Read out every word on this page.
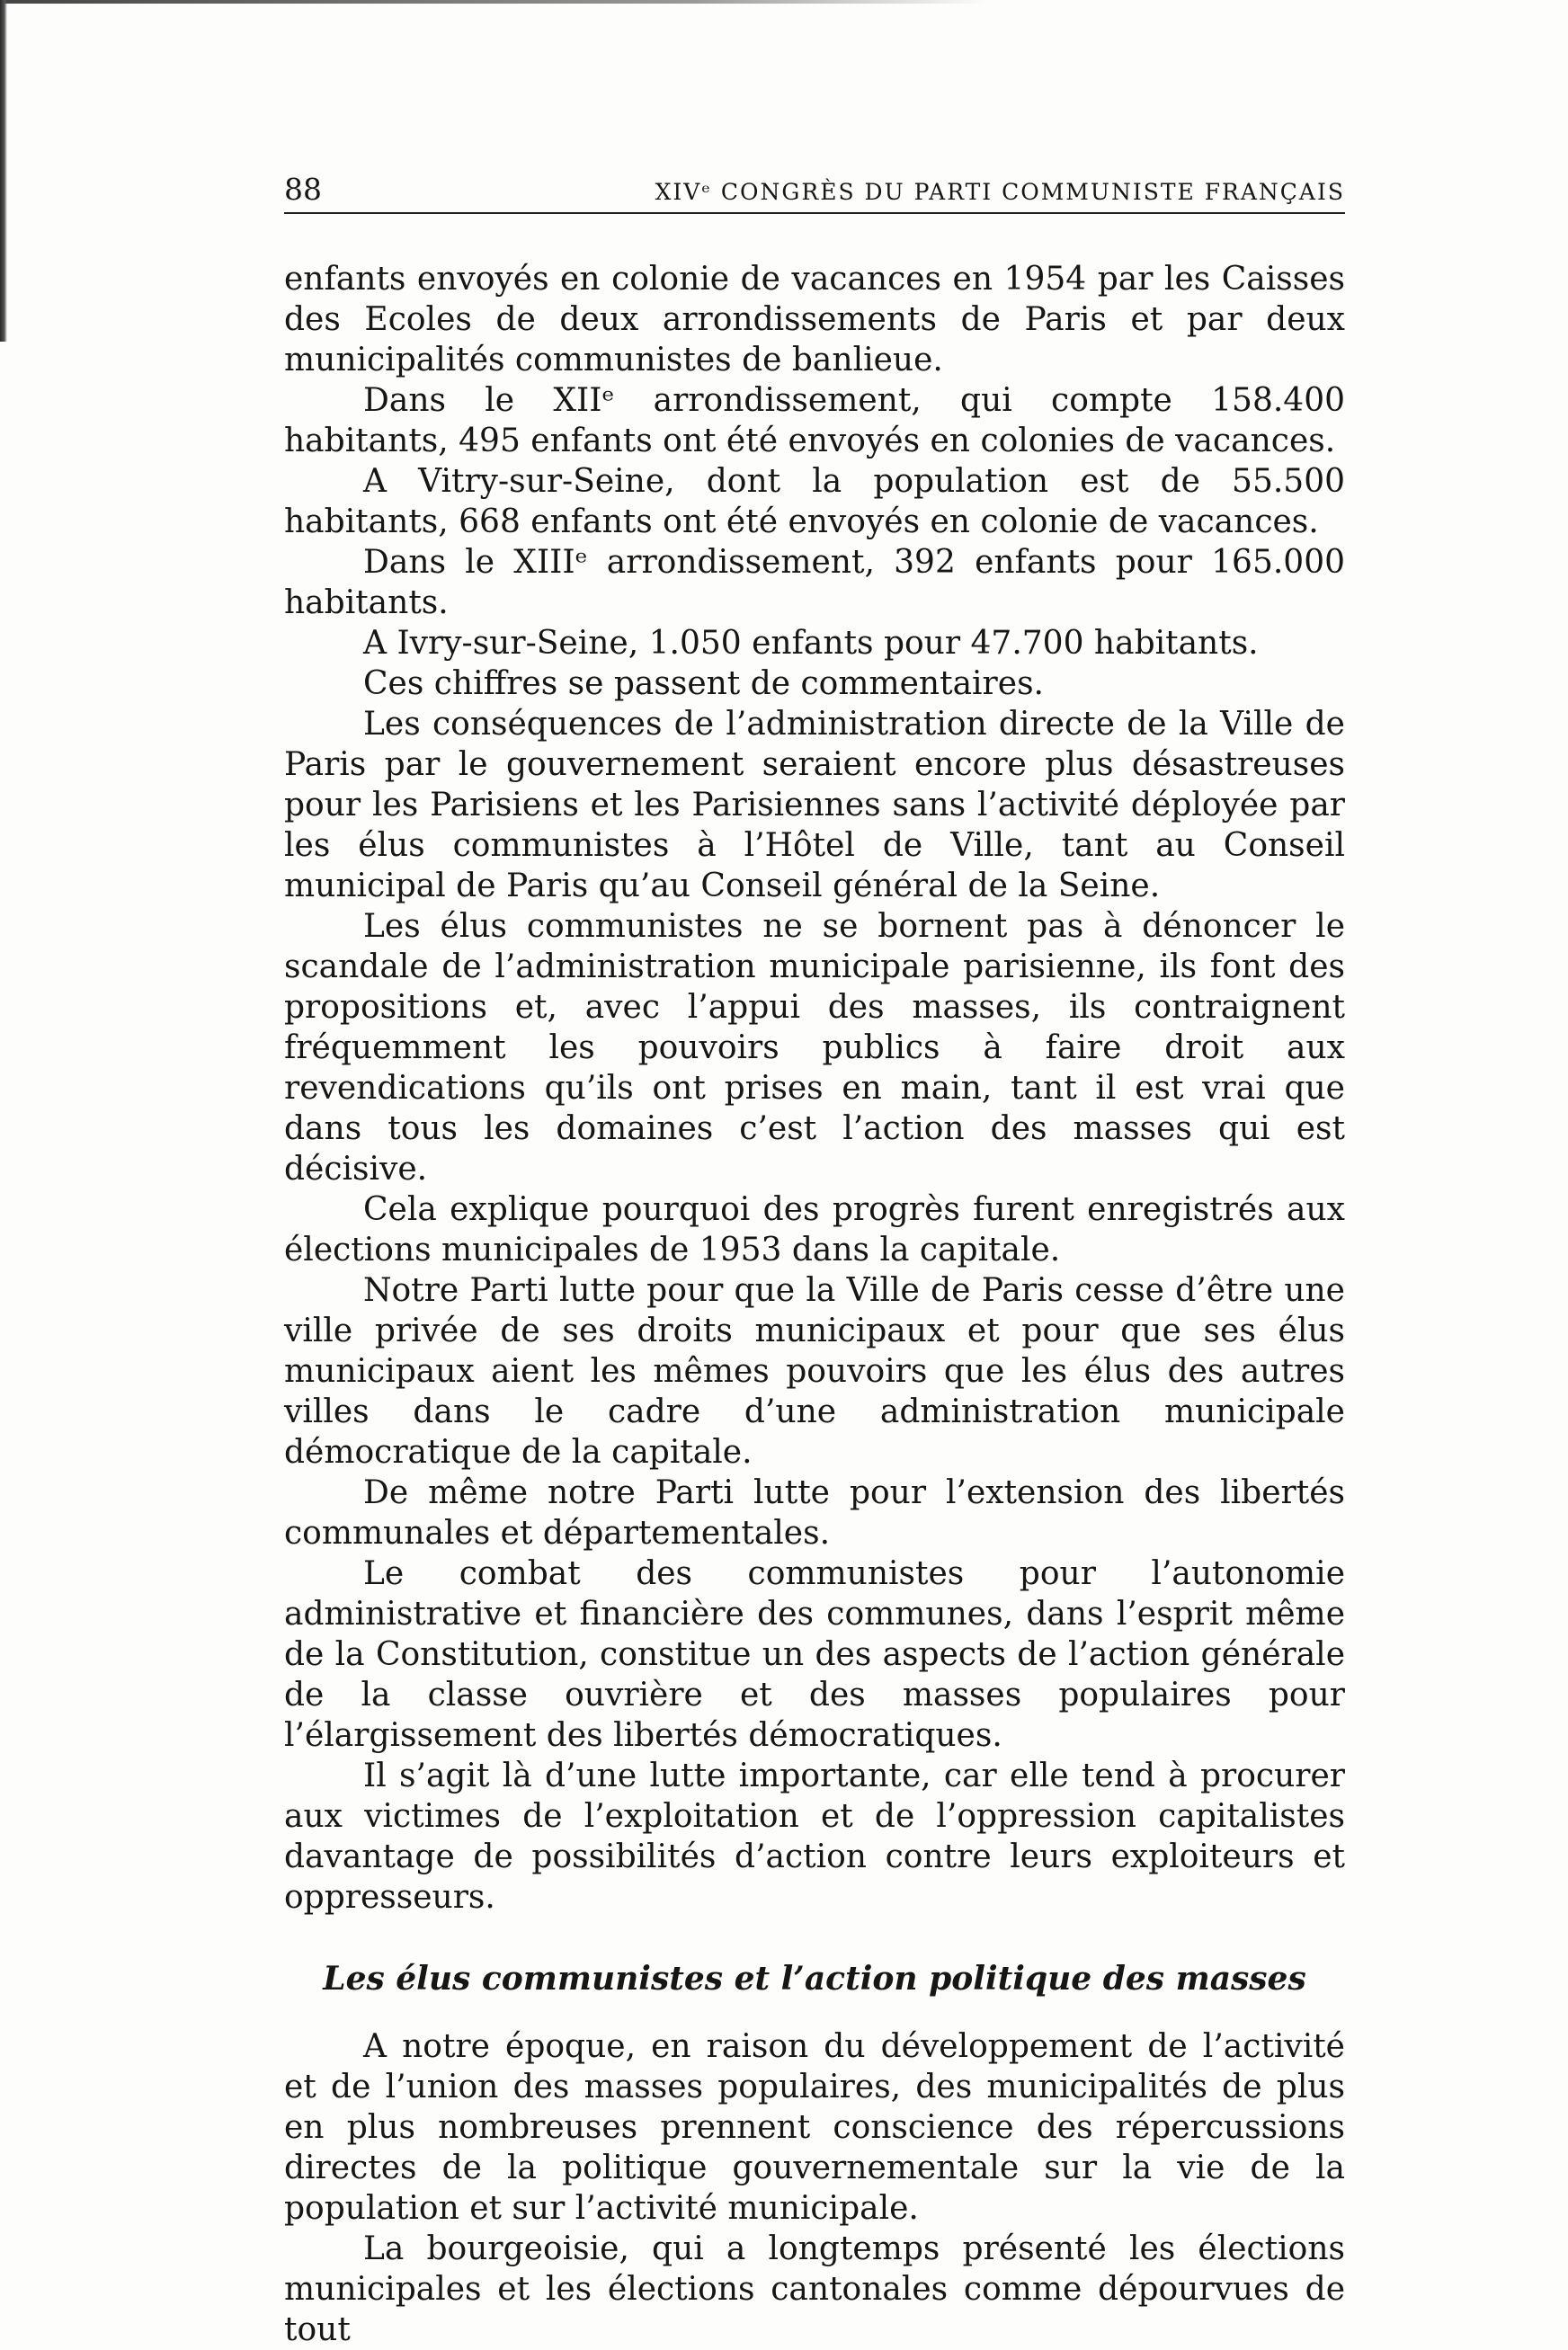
88	XIVᵉ CONGRÈS DU PARTI COMMUNISTE FRANÇAIS

enfants envoyés en colonie de vacances en 1954 par les Caisses des Ecoles de deux arrondissements de Paris et par deux municipalités communistes de banlieue.

Dans le XIIᵉ arrondissement, qui compte 158.400 habitants, 495 enfants ont été envoyés en colonies de vacances.

A Vitry-sur-Seine, dont la population est de 55.500 habitants, 668 enfants ont été envoyés en colonie de vacances.

Dans le XIIIᵉ arrondissement, 392 enfants pour 165.000 habitants.

A Ivry-sur-Seine, 1.050 enfants pour 47.700 habitants.

Ces chiffres se passent de commentaires.

Les conséquences de l’administration directe de la Ville de Paris par le gouvernement seraient encore plus désastreuses pour les Parisiens et les Parisiennes sans l’activité déployée par les élus communistes à l’Hôtel de Ville, tant au Conseil municipal de Paris qu’au Conseil général de la Seine.

Les élus communistes ne se bornent pas à dénoncer le scandale de l’administration municipale parisienne, ils font des propositions et, avec l’appui des masses, ils contraignent fréquemment les pouvoirs publics à faire droit aux revendications qu’ils ont prises en main, tant il est vrai que dans tous les domaines c’est l’action des masses qui est décisive.

Cela explique pourquoi des progrès furent enregistrés aux élections municipales de 1953 dans la capitale.

Notre Parti lutte pour que la Ville de Paris cesse d’être une ville privée de ses droits municipaux et pour que ses élus municipaux aient les mêmes pouvoirs que les élus des autres villes dans le cadre d’une administration municipale démocratique de la capitale.

De même notre Parti lutte pour l’extension des libertés communales et départementales.

Le combat des communistes pour l’autonomie administrative et financière des communes, dans l’esprit même de la Constitution, constitue un des aspects de l’action générale de la classe ouvrière et des masses populaires pour l’élargissement des libertés démocratiques.

Il s’agit là d’une lutte importante, car elle tend à procurer aux victimes de l’exploitation et de l’oppression capitalistes davantage de possibilités d’action contre leurs exploiteurs et oppresseurs.

Les élus communistes et l’action politique des masses

A notre époque, en raison du développement de l’activité et de l’union des masses populaires, des municipalités de plus en plus nombreuses prennent conscience des répercussions directes de la politique gouvernementale sur la vie de la population et sur l’activité municipale.

La bourgeoisie, qui a longtemps présenté les élections municipales et les élections cantonales comme dépourvues de tout
